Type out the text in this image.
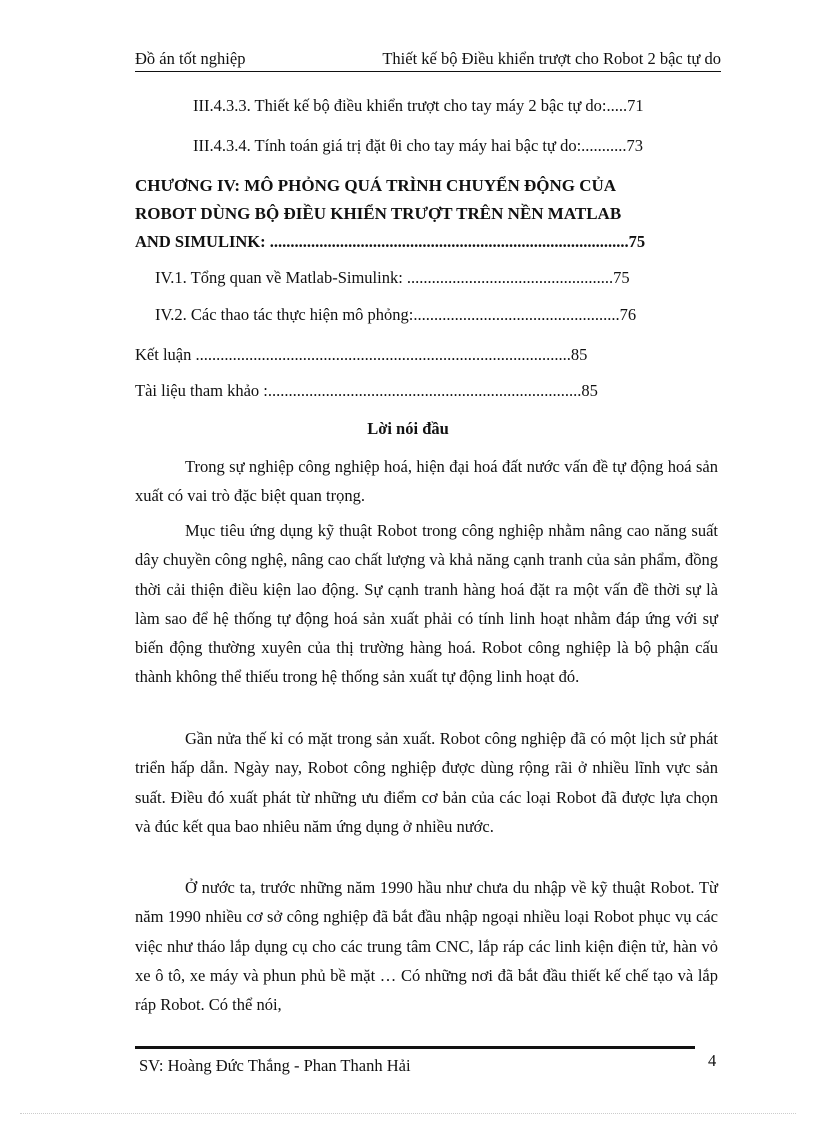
Đồ án tốt nghiệp	Thiết kế bộ Điều khiển trượt cho Robot 2 bậc tự do
III.4.3.3. Thiết kế bộ điều khiển trượt cho tay máy 2 bậc tự do:.....71
III.4.3.4. Tính toán giá trị đặt θi cho tay máy hai bậc tự do:...........73
CHƯƠNG IV: MÔ PHỎNG QUÁ TRÌNH CHUYỂN ĐỘNG CỦA
ROBOT DÙNG BỘ ĐIỀU KHIỂN TRƯỢT TRÊN NỀN MATLAB
AND SIMULINK: .......................................................................................75
IV.1. Tổng quan về Matlab-Simulink: ..................................................75
IV.2. Các thao tác thực hiện mô phỏng:..................................................76
Kết luận ...........................................................................................85
Tài liệu tham khảo :............................................................................85
Lời nói đầu

Trong sự nghiệp công nghiệp hoá, hiện đại hoá đất nước vấn đề tự động hoá sản xuất có vai trò đặc biệt quan trọng.

Mục tiêu ứng dụng kỹ thuật Robot trong công nghiệp nhằm nâng cao năng suất dây chuyền công nghệ, nâng cao chất lượng và khả năng cạnh tranh của sản phẩm, đồng thời cải thiện điều kiện lao động. Sự cạnh tranh hàng hoá đặt ra một vấn đề thời sự là làm sao để hệ thống tự động hoá sản xuất phải có tính linh hoạt nhằm đáp ứng với sự biến động thường xuyên của thị trường hàng hoá. Robot công nghiệp là bộ phận cấu thành không thể thiếu trong hệ thống sản xuất tự động linh hoạt đó.

Gần nửa thế kỉ có mặt trong sản xuất. Robot công nghiệp đã có một lịch sử phát triển hấp dẫn. Ngày nay, Robot công nghiệp được dùng rộng rãi ở nhiều lĩnh vực sản suất. Điều đó xuất phát từ những ưu điểm cơ bản của các loại Robot đã được lựa chọn và đúc kết qua bao nhiêu năm ứng dụng ở nhiều nước.

Ở nước ta, trước những năm 1990 hầu như chưa du nhập về kỹ thuật Robot. Từ năm 1990 nhiều cơ sở công nghiệp đã bắt đầu nhập ngoại nhiều loại Robot phục vụ các việc như tháo lắp dụng cụ cho các trung tâm CNC, lắp ráp các linh kiện điện tử, hàn vỏ xe ô tô, xe máy và phun phủ bề mặt … Có những nơi đã bắt đầu thiết kế chế tạo và lắp ráp Robot. Có thể nói,

SV: Hoàng Đức Thắng - Phan Thanh Hải	4
